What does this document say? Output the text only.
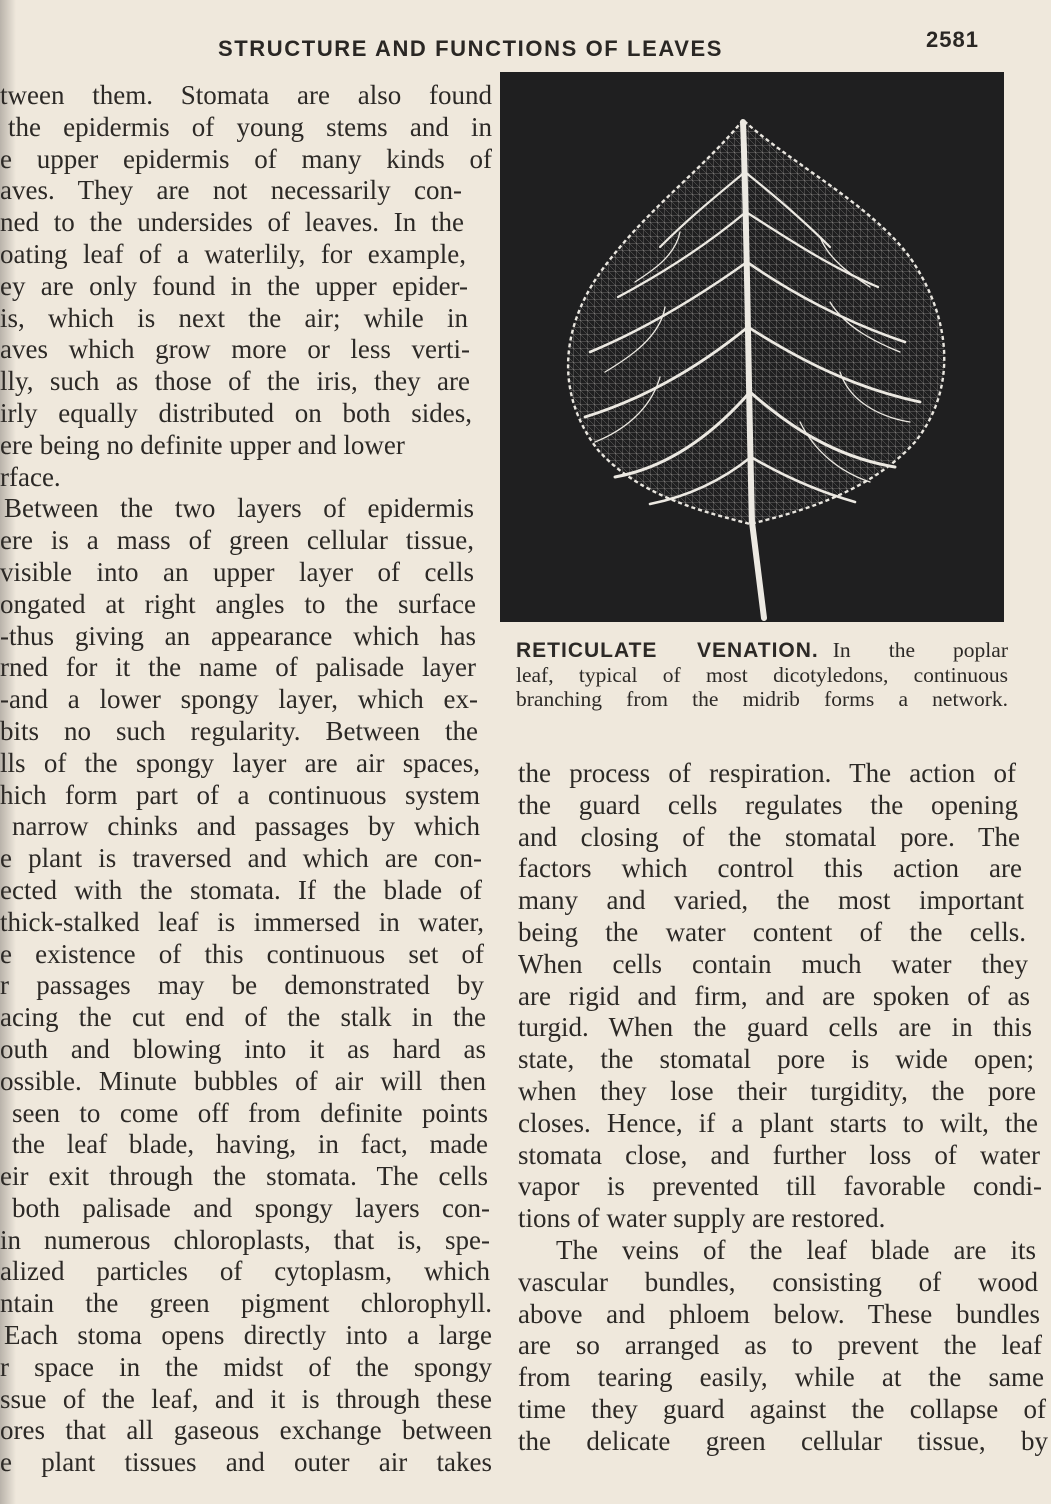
STRUCTURE AND FUNCTIONS OF LEAVES	2581
tween them. Stomata are also found
the epidermis of young stems and in
e upper epidermis of many kinds of
aves. They are not necessarily con-
ned to the undersides of leaves. In the
oating leaf of a waterlily, for example,
ey are only found in the upper epider-
is, which is next the air; while in
aves which grow more or less verti-
lly, such as those of the iris, they are
irly equally distributed on both sides,
ere being no definite upper and lower
rface.
Between the two layers of epidermis
ere is a mass of green cellular tissue,
visible into an upper layer of cells
ongated at right angles to the surface
-thus giving an appearance which has
rned for it the name of palisade layer
-and a lower spongy layer, which ex-
bits no such regularity. Between the
lls of the spongy layer are air spaces,
hich form part of a continuous system
narrow chinks and passages by which
e plant is traversed and which are con-
ected with the stomata. If the blade of
thick-stalked leaf is immersed in water,
e existence of this continuous set of
r passages may be demonstrated by
acing the cut end of the stalk in the
outh and blowing into it as hard as
ossible. Minute bubbles of air will then
seen to come off from definite points
the leaf blade, having, in fact, made
eir exit through the stomata. The cells
both palisade and spongy layers con-
in numerous chloroplasts, that is, spe-
alized particles of cytoplasm, which
ntain the green pigment chlorophyll.
Each stoma opens directly into a large
r space in the midst of the spongy
ssue of the leaf, and it is through these
ores that all gaseous exchange between
e plant tissues and outer air takes
RETICULATE VENATION. In the poplar
leaf, typical of most dicotyledons, continuous
branching from the midrib forms a network.
the process of respiration. The action of
the guard cells regulates the opening
and closing of the stomatal pore. The
factors which control this action are
many and varied, the most important
being the water content of the cells.
When cells contain much water they
are rigid and firm, and are spoken of as
turgid. When the guard cells are in this
state, the stomatal pore is wide open;
when they lose their turgidity, the pore
closes. Hence, if a plant starts to wilt, the
stomata close, and further loss of water
vapor is prevented till favorable condi-
tions of water supply are restored.
The veins of the leaf blade are its
vascular bundles, consisting of wood
above and phloem below. These bundles
are so arranged as to prevent the leaf
from tearing easily, while at the same
time they guard against the collapse of
the delicate green cellular tissue, by
